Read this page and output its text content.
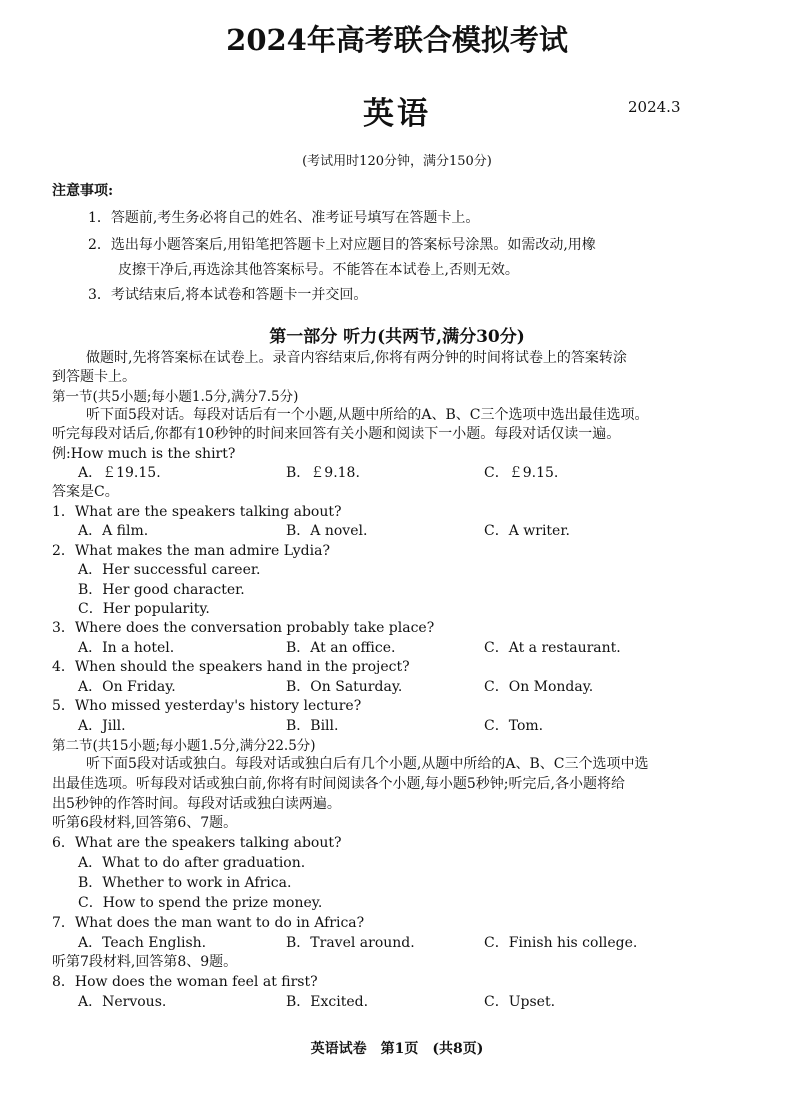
2024年高考联合模拟考试
英语	2024.3
(考试用时120分钟，满分150分)
注意事项:
1．答题前,考生务必将自己的姓名、准考证号填写在答题卡上。
2．选出每小题答案后,用铅笔把答题卡上对应题目的答案标号涂黑。如需改动,用橡
皮擦干净后,再选涂其他答案标号。不能答在本试卷上,否则无效。
3．考试结束后,将本试卷和答题卡一并交回。
第一部分 听力(共两节,满分30分)
做题时,先将答案标在试卷上。录音内容结束后,你将有两分钟的时间将试卷上的答案转涂
到答题卡上。
第一节(共5小题;每小题1.5分,满分7.5分)
听下面5段对话。每段对话后有一个小题,从题中所给的A、B、C三个选项中选出最佳选项。
听完每段对话后,你都有10秒钟的时间来回答有关小题和阅读下一小题。每段对话仅读一遍。
例:How much is the shirt?
A．￡19.15.	B．￡9.18.	C．￡9.15.
答案是C。
1．What are the speakers talking about?
A．A film.	B．A novel.	C．A writer.
2．What makes the man admire Lydia?
A．Her successful career.
B．Her good character.
C．Her popularity.
3．Where does the conversation probably take place?
A．In a hotel.	B．At an office.	C．At a restaurant.
4．When should the speakers hand in the project?
A．On Friday.	B．On Saturday.	C．On Monday.
5．Who missed yesterday's history lecture?
A．Jill.	B．Bill.	C．Tom.
第二节(共15小题;每小题1.5分,满分22.5分)
听下面5段对话或独白。每段对话或独白后有几个小题,从题中所给的A、B、C三个选项中选
出最佳选项。听每段对话或独白前,你将有时间阅读各个小题,每小题5秒钟;听完后,各小题将给
出5秒钟的作答时间。每段对话或独白读两遍。
听第6段材料,回答第6、7题。
6．What are the speakers talking about?
A．What to do after graduation.
B．Whether to work in Africa.
C．How to spend the prize money.
7．What does the man want to do in Africa?
A．Teach English.	B．Travel around.	C．Finish his college.
听第7段材料,回答第8、9题。
8．How does the woman feel at first?
A．Nervous.	B．Excited.	C．Upset.
英语试卷　第1页　(共8页)
